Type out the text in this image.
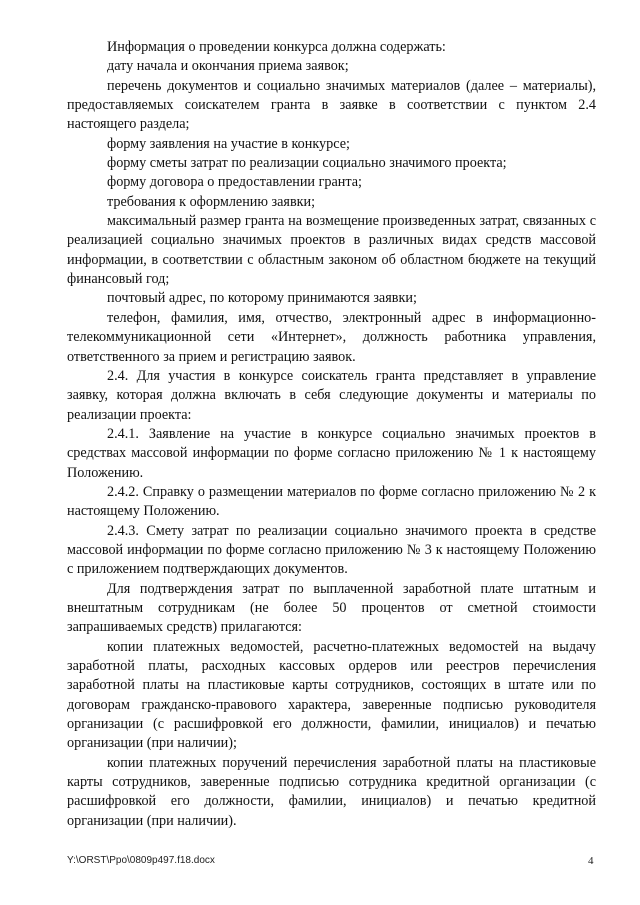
Информация о проведении конкурса должна содержать:

дату начала и окончания приема заявок;

перечень документов и социально значимых материалов (далее – материалы), предоставляемых соискателем гранта в заявке в соответствии с пунктом 2.4 настоящего раздела;

форму заявления на участие в конкурсе;

форму сметы затрат по реализации социально значимого проекта;

форму договора о предоставлении гранта;

требования к оформлению заявки;

максимальный размер гранта на возмещение произведенных затрат, связанных с реализацией социально значимых проектов в различных видах средств массовой информации, в соответствии с областным законом об областном бюджете на текущий финансовый год;

почтовый адрес, по которому принимаются заявки;

телефон, фамилия, имя, отчество, электронный адрес в информационно-телекоммуникационной сети «Интернет», должность работника управления, ответственного за прием и регистрацию заявок.

2.4. Для участия в конкурсе соискатель гранта представляет в управление заявку, которая должна включать в себя следующие документы и материалы по реализации проекта:

2.4.1. Заявление на участие в конкурсе социально значимых проектов в средствах массовой информации по форме согласно приложению № 1 к настоящему Положению.

2.4.2. Справку о размещении материалов по форме согласно приложению № 2 к настоящему Положению.

2.4.3. Смету затрат по реализации социально значимого проекта в средстве массовой информации по форме согласно приложению № 3 к настоящему Положению с приложением подтверждающих документов.

Для подтверждения затрат по выплаченной заработной плате штатным и внештатным сотрудникам (не более 50 процентов от сметной стоимости запрашиваемых средств) прилагаются:

копии платежных ведомостей, расчетно-платежных ведомостей на выдачу заработной платы, расходных кассовых ордеров или реестров перечисления заработной платы на пластиковые карты сотрудников, состоящих в штате или по договорам гражданско-правового характера, заверенные подписью руководителя организации (с расшифровкой его должности, фамилии, инициалов) и печатью организации (при наличии);

копии платежных поручений перечисления заработной платы на пластиковые карты сотрудников, заверенные подписью сотрудника кредитной организации (с расшифровкой его должности, фамилии, инициалов) и печатью кредитной организации (при наличии).

Y:\ORST\Ppo\0809p497.f18.docx	4
